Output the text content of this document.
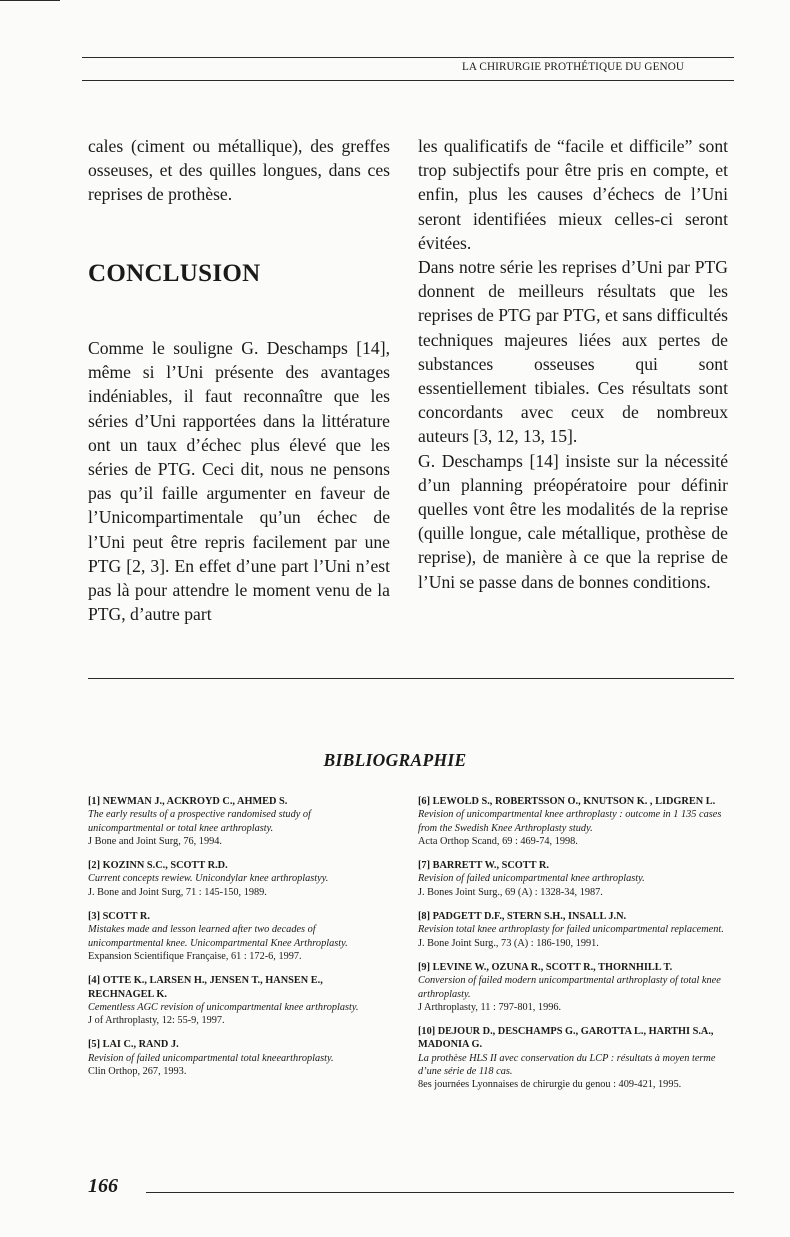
LA CHIRURGIE PROTHÉTIQUE DU GENOU

cales (ciment ou métallique), des greffes osseuses, et des quilles longues, dans ces reprises de prothèse.

CONCLUSION

Comme le souligne G. Deschamps [14], même si l’Uni présente des avantages indéniables, il faut reconnaître que les séries d’Uni rapportées dans la littérature ont un taux d’échec plus élevé que les séries de PTG. Ceci dit, nous ne pensons pas qu’il faille argumenter en faveur de l’Unicompartimentale qu’un échec de l’Uni peut être repris facilement par une PTG [2, 3]. En effet d’une part l’Uni n’est pas là pour attendre le moment venu de la PTG, d’autre part

les qualificatifs de “facile et difficile” sont trop subjectifs pour être pris en compte, et enfin, plus les causes d’échecs de l’Uni seront identifiées mieux celles-ci seront évitées.

Dans notre série les reprises d’Uni par PTG donnent de meilleurs résultats que les reprises de PTG par PTG, et sans difficultés techniques majeures liées aux pertes de substances osseuses qui sont essentiellement tibiales. Ces résultats sont concordants avec ceux de nombreux auteurs [3, 12, 13, 15].

G. Deschamps [14] insiste sur la nécessité d’un planning préopératoire pour définir quelles vont être les modalités de la reprise (quille longue, cale métallique, prothèse de reprise), de manière à ce que la reprise de l’Uni se passe dans de bonnes conditions.

BIBLIOGRAPHIE

[1] NEWMAN J., ACKROYD C., AHMED S.
The early results of a prospective randomised study of unicompartmental or total knee arthroplasty.
J Bone and Joint Surg, 76, 1994.

[2] KOZINN S.C., SCOTT R.D.
Current concepts rewiew. Unicondylar knee arthroplastyy.
J. Bone and Joint Surg, 71 : 145-150, 1989.

[3] SCOTT R.
Mistakes made and lesson learned after two decades of unicompartmental knee. Unicompartmental Knee Arthroplasty.
Expansion Scientifique Française, 61 : 172-6, 1997.

[4] OTTE K., LARSEN H., JENSEN T., HANSEN E., RECHNAGEL K.
Cementless AGC revision of unicompartmental knee arthroplasty.
J of Arthroplasty, 12: 55-9, 1997.

[5] LAI C., RAND J.
Revision of failed unicompartmental total kneearthroplasty.
Clin Orthop, 267, 1993.

[6] LEWOLD S., ROBERTSSON O., KNUTSON K. , LIDGREN L.
Revision of unicompartmental knee arthroplasty : outcome in 1 135 cases from the Swedish Knee Arthroplasty study.
Acta Orthop Scand, 69 : 469-74, 1998.

[7] BARRETT W., SCOTT R.
Revision of failed unicompartmental knee arthroplasty.
J. Bones Joint Surg., 69 (A) : 1328-34, 1987.

[8] PADGETT D.F., STERN S.H., INSALL J.N.
Revision total knee arthroplasty for failed unicompartmental replacement.
J. Bone Joint Surg., 73 (A) : 186-190, 1991.

[9] LEVINE W., OZUNA R., SCOTT R., THORNHILL T.
Conversion of failed modern unicompartmental arthroplasty of total knee arthroplasty.
J Arthroplasty, 11 : 797-801, 1996.

[10] DEJOUR D., DESCHAMPS G., GAROTTA L., HARTHI S.A., MADONIA G.
La prothèse HLS II avec conservation du LCP : résultats à moyen terme d’une série de 118 cas.
8es journées Lyonnaises de chirurgie du genou : 409-421, 1995.

166
